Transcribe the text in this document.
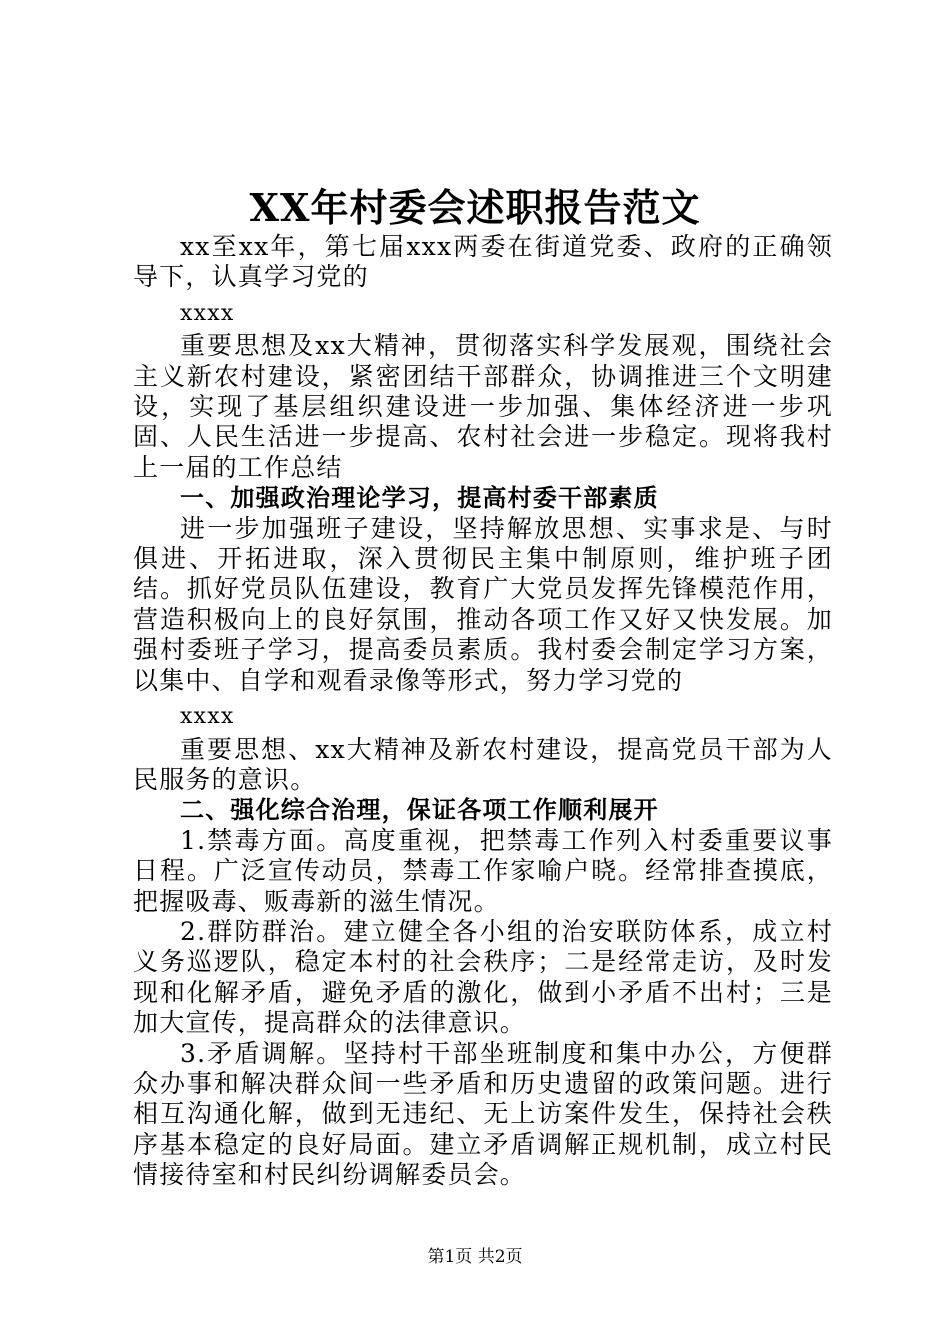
XX年村委会述职报告范文

xx至xx年，第七届xxx两委在街道党委、政府的正确领导下，认真学习党的

xxxx

重要思想及xx大精神，贯彻落实科学发展观，围绕社会主义新农村建设，紧密团结干部群众，协调推进三个文明建设，实现了基层组织建设进一步加强、集体经济进一步巩固、人民生活进一步提高、农村社会进一步稳定。现将我村上一届的工作总结

一、加强政治理论学习，提高村委干部素质

进一步加强班子建设，坚持解放思想、实事求是、与时俱进、开拓进取，深入贯彻民主集中制原则，维护班子团结。抓好党员队伍建设，教育广大党员发挥先锋模范作用，营造积极向上的良好氛围，推动各项工作又好又快发展。加强村委班子学习，提高委员素质。我村委会制定学习方案，以集中、自学和观看录像等形式，努力学习党的

xxxx

重要思想、xx大精神及新农村建设，提高党员干部为人民服务的意识。

二、强化综合治理，保证各项工作顺利展开

1.禁毒方面。高度重视，把禁毒工作列入村委重要议事日程。广泛宣传动员，禁毒工作家喻户晓。经常排查摸底，把握吸毒、贩毒新的滋生情况。

2.群防群治。建立健全各小组的治安联防体系，成立村义务巡逻队，稳定本村的社会秩序；二是经常走访，及时发现和化解矛盾，避免矛盾的激化，做到小矛盾不出村；三是加大宣传，提高群众的法律意识。

3.矛盾调解。坚持村干部坐班制度和集中办公，方便群众办事和解决群众间一些矛盾和历史遗留的政策问题。进行相互沟通化解，做到无违纪、无上访案件发生，保持社会秩序基本稳定的良好局面。建立矛盾调解正规机制，成立村民情接待室和村民纠纷调解委员会。

第1页 共2页
